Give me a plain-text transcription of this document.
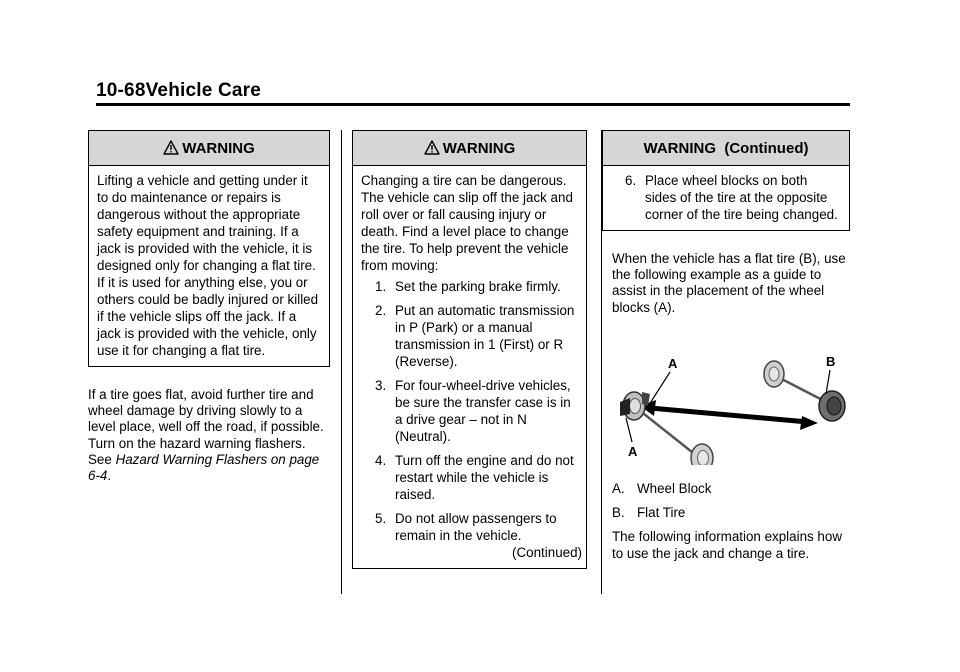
10-68Vehicle Care
WARNING
Lifting a vehicle and getting under it to do maintenance or repairs is dangerous without the appropriate safety equipment and training. If a jack is provided with the vehicle, it is designed only for changing a flat tire. If it is used for anything else, you or others could be badly injured or killed if the vehicle slips off the jack. If a jack is provided with the vehicle, only use it for changing a flat tire.
If a tire goes flat, avoid further tire and wheel damage by driving slowly to a level place, well off the road, if possible. Turn on the hazard warning flashers. See Hazard Warning Flashers on page 6-4.
WARNING
Changing a tire can be dangerous. The vehicle can slip off the jack and roll over or fall causing injury or death. Find a level place to change the tire. To help prevent the vehicle from moving:
1. Set the parking brake firmly.
2. Put an automatic transmission in P (Park) or a manual transmission in 1 (First) or R (Reverse).
3. For four-wheel-drive vehicles, be sure the transfer case is in a drive gear – not in N (Neutral).
4. Turn off the engine and do not restart while the vehicle is raised.
5. Do not allow passengers to remain in the vehicle.
(Continued)
WARNING  (Continued)
6. Place wheel blocks on both sides of the tire at the opposite corner of the tire being changed.
When the vehicle has a flat tire (B), use the following example as a guide to assist in the placement of the wheel blocks (A).
A	B
A

A. Wheel Block

B. Flat Tire

The following information explains how to use the jack and change a tire.
